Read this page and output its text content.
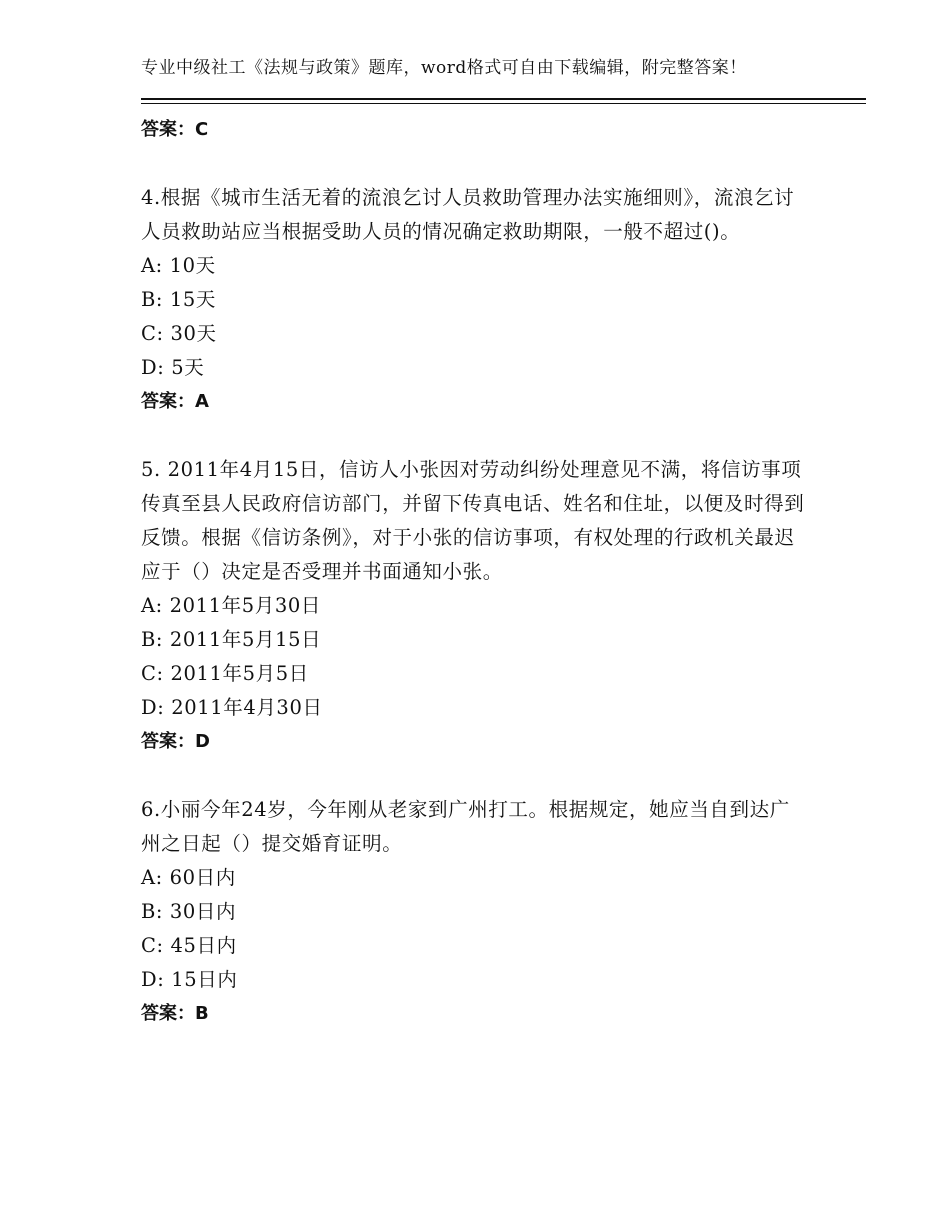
专业中级社工《法规与政策》题库，word格式可自由下载编辑，附完整答案！
答案：C
4.根据《城市生活无着的流浪乞讨人员救助管理办法实施细则》，流浪乞讨人员救助站应当根据受助人员的情况确定救助期限，一般不超过()。
A: 10天
B: 15天
C: 30天
D: 5天
答案：A
5. 2011年4月15日，信访人小张因对劳动纠纷处理意见不满，将信访事项传真至县人民政府信访部门，并留下传真电话、姓名和住址，以便及时得到反馈。根据《信访条例》，对于小张的信访事项，有权处理的行政机关最迟应于（）决定是否受理并书面通知小张。
A: 2011年5月30日
B: 2011年5月15日
C: 2011年5月5日
D: 2011年4月30日
答案：D
6.小丽今年24岁，今年刚从老家到广州打工。根据规定，她应当自到达广州之日起（）提交婚育证明。
A: 60日内
B: 30日内
C: 45日内
D: 15日内
答案：B
